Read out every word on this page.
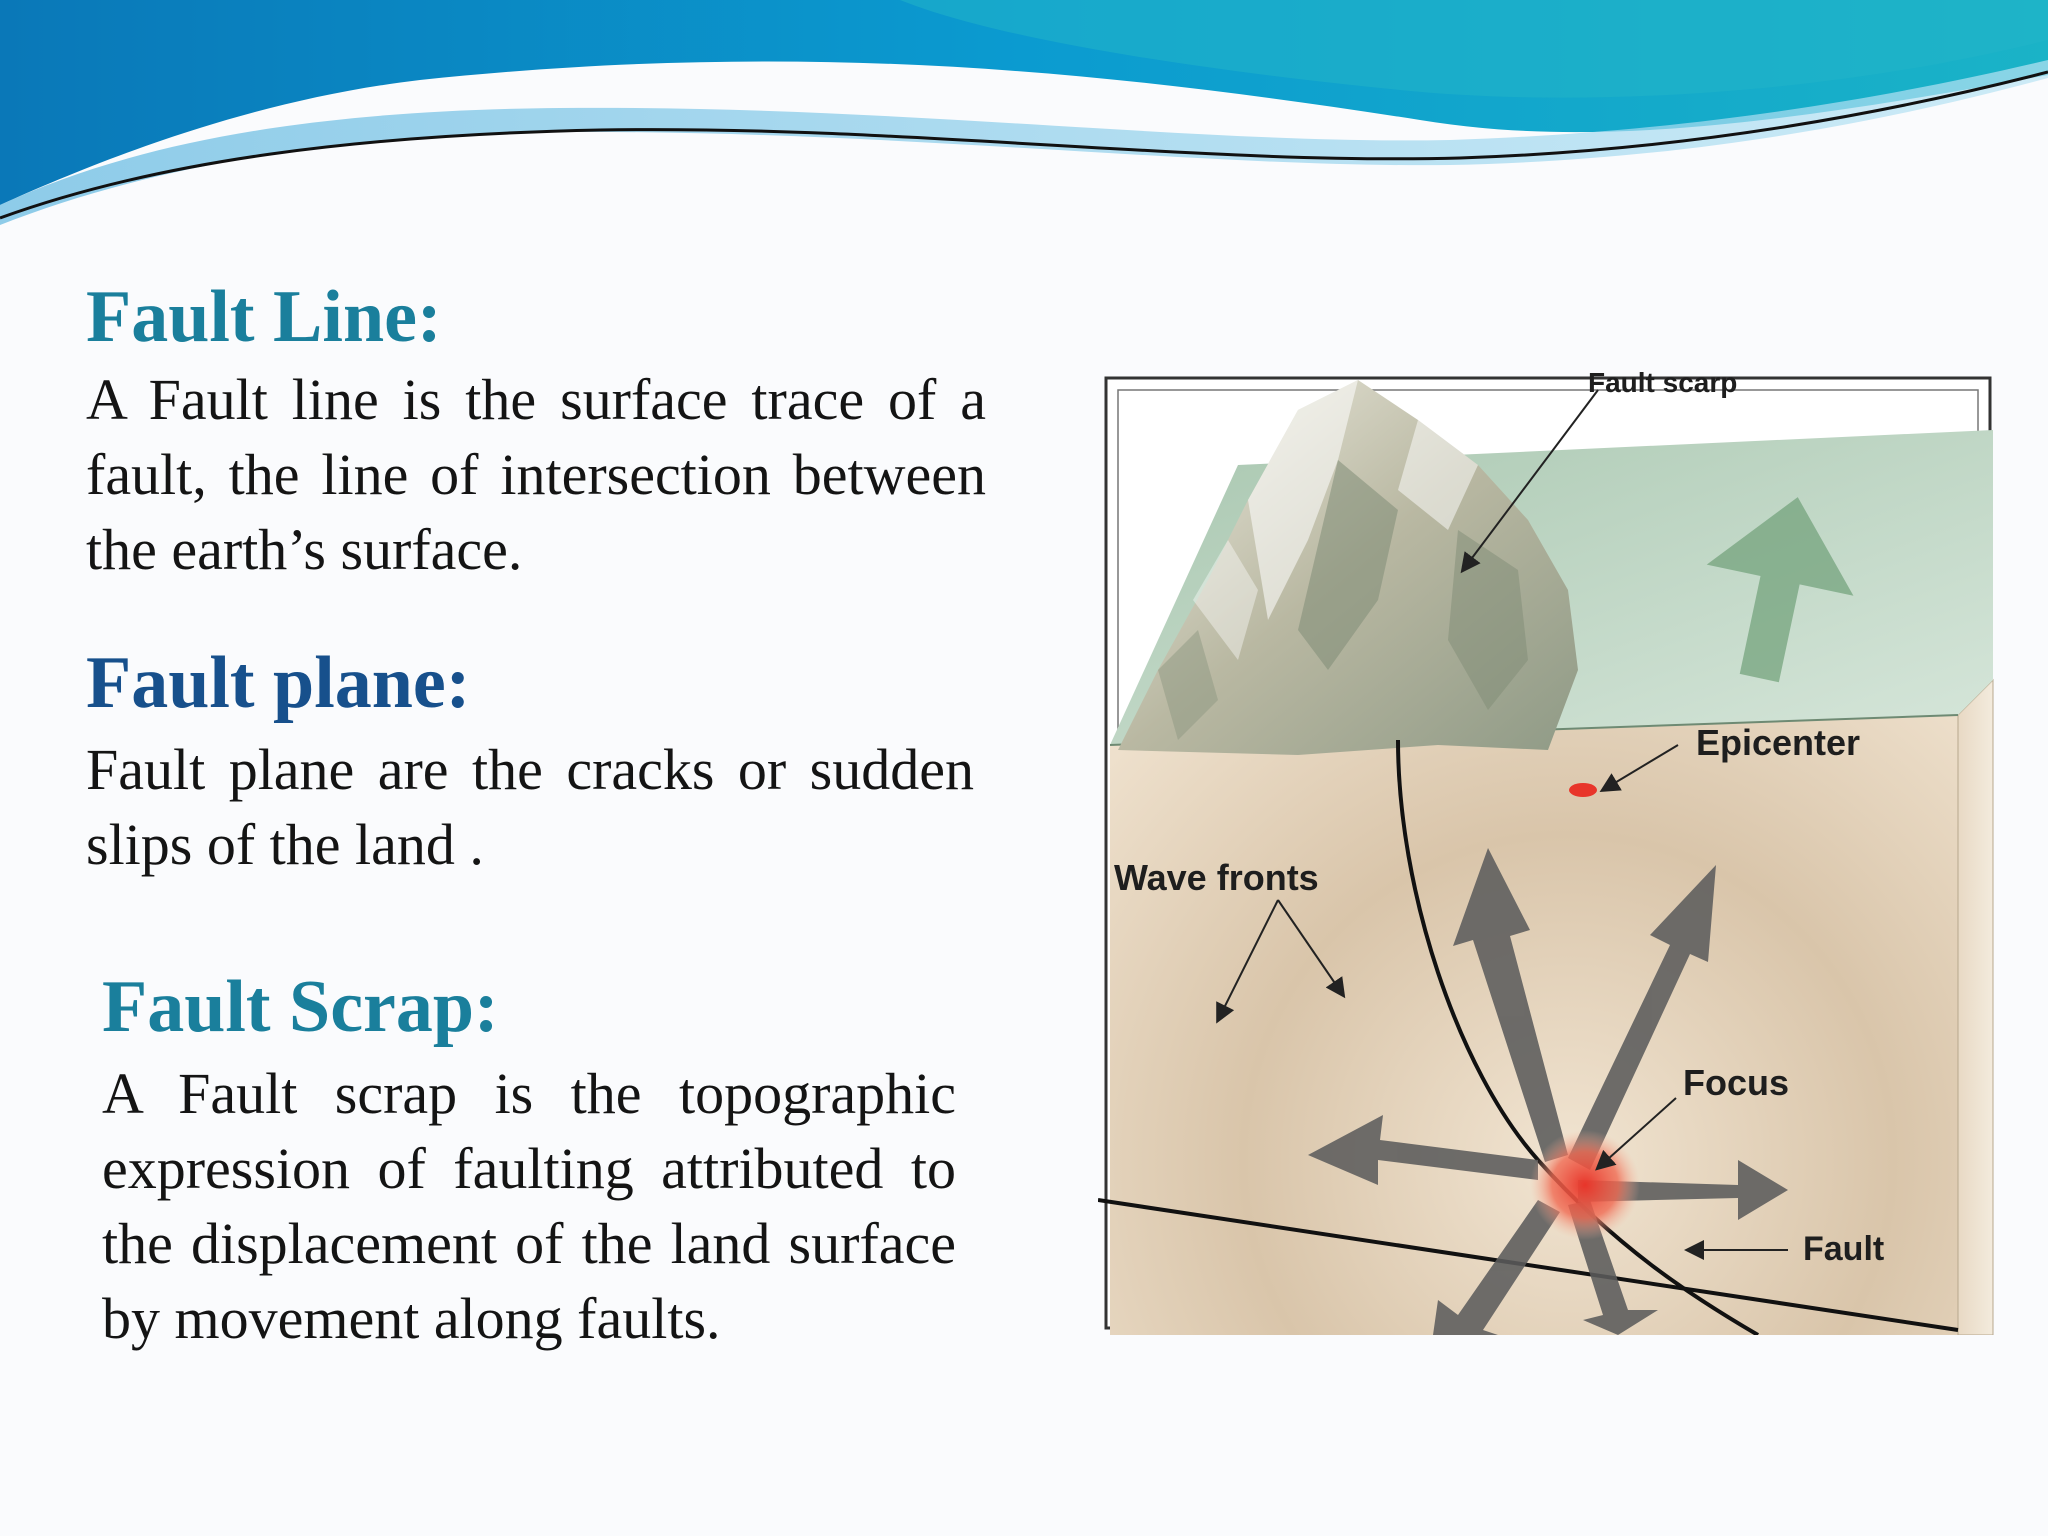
Fault Line:

A Fault line is the surface trace of a fault, the line of intersection between the earth’s surface.

Fault plane:

Fault plane are the cracks or sudden slips of the land .

Fault Scrap:

A Fault scrap is the topographic expression of faulting attributed to the displacement of the land surface by movement along faults.

Fault scarp
Epicenter
Wave fronts
Focus
Fault
